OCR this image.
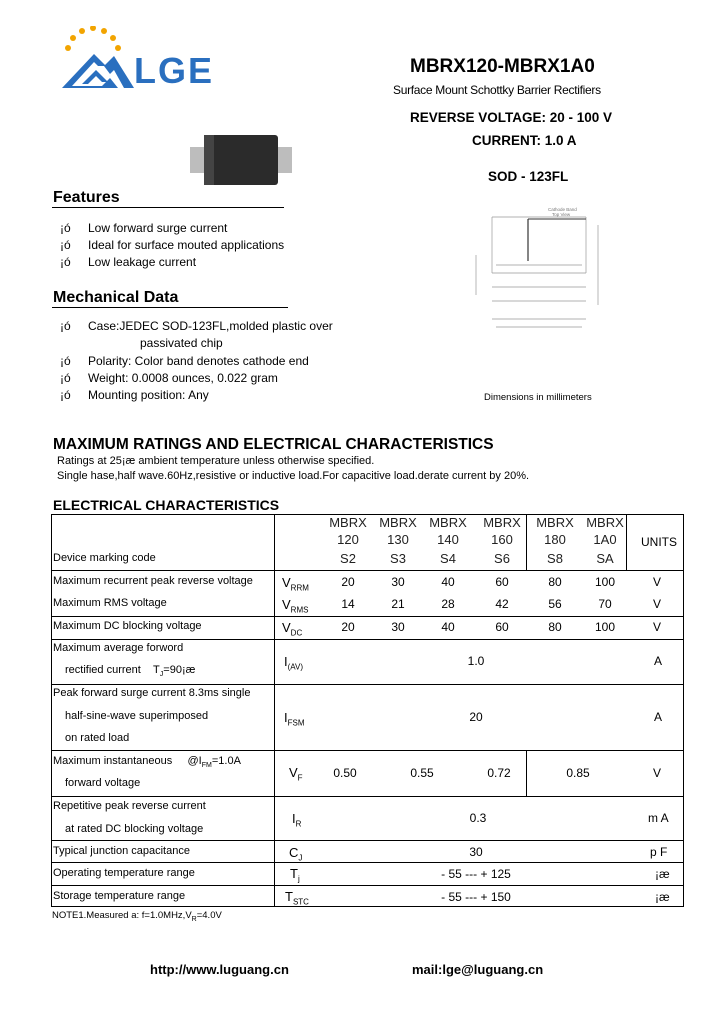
LGE	MBRX120-MBRX1A0
Surface Mount Schottky Barrier Rectifiers
REVERSE VOLTAGE: 20 - 100 V
CURRENT: 1.0 A
SOD - 123FL
Features
¡ó Low forward surge current
¡ó Ideal for surface mouted applications
¡ó Low leakage current
Mechanical Data
¡ó Case:JEDEC SOD-123FL,molded plastic over
passivated chip
¡ó Polarity: Color band denotes cathode end
¡ó Weight: 0.0008 ounces, 0.022 gram
¡ó Mounting position: Any
Cathode Band
Top View
Dimensions in millimeters
MAXIMUM RATINGS AND ELECTRICAL CHARACTERISTICS
Ratings at 25¡æ ambient temperature unless otherwise specified.
Single hase,half wave.60Hz,resistive or inductive load.For capacitive load.derate current by 20%.
ELECTRICAL CHARACTERISTICS
MBRX MBRX MBRX	MBRX	MBRX MBRX
120	130	140	160	180	1A0
S2	S3	S4	S6	S8	SA
Device marking code
UNITS
Maximum recurrent peak reverse voltage $V_{RRM}$	20	30	40	60	80	100	V
Maximum RMS voltage	$V_{RMS}$	14	21	28	42	56	70	V
Maximum DC blocking voltage	$V_{DC}$	20	30	40	60	80	100	V
Maximum average forword
rectified current $T_J=90¡æ$
$I_{(AV)}$	1.0	A
Peak forward surge current 8.3ms single
half-sine-wave superimposed
on rated load
$I_{FSM}$	20	A
Maximum instantaneous $@I_{FM}=1.0A$
forward voltage
$V_F$	0.50	0.55	0.72	0.85	V
Repetitive peak reverse current
at rated DC blocking voltage
$I_R$	0.3	m A
Typical junction capacitance	$C_J$	30	p F
Operating temperature range	$T_j$	- 55 --- + 125	¡æ
Storage temperature range	$T_{STC}$	- 55 --- + 150	¡æ
NOTE1.Measured a: $f=1.0MHz,V_R=4.0V$
http://www.luguang.cn	mail:lge@luguang.cn
